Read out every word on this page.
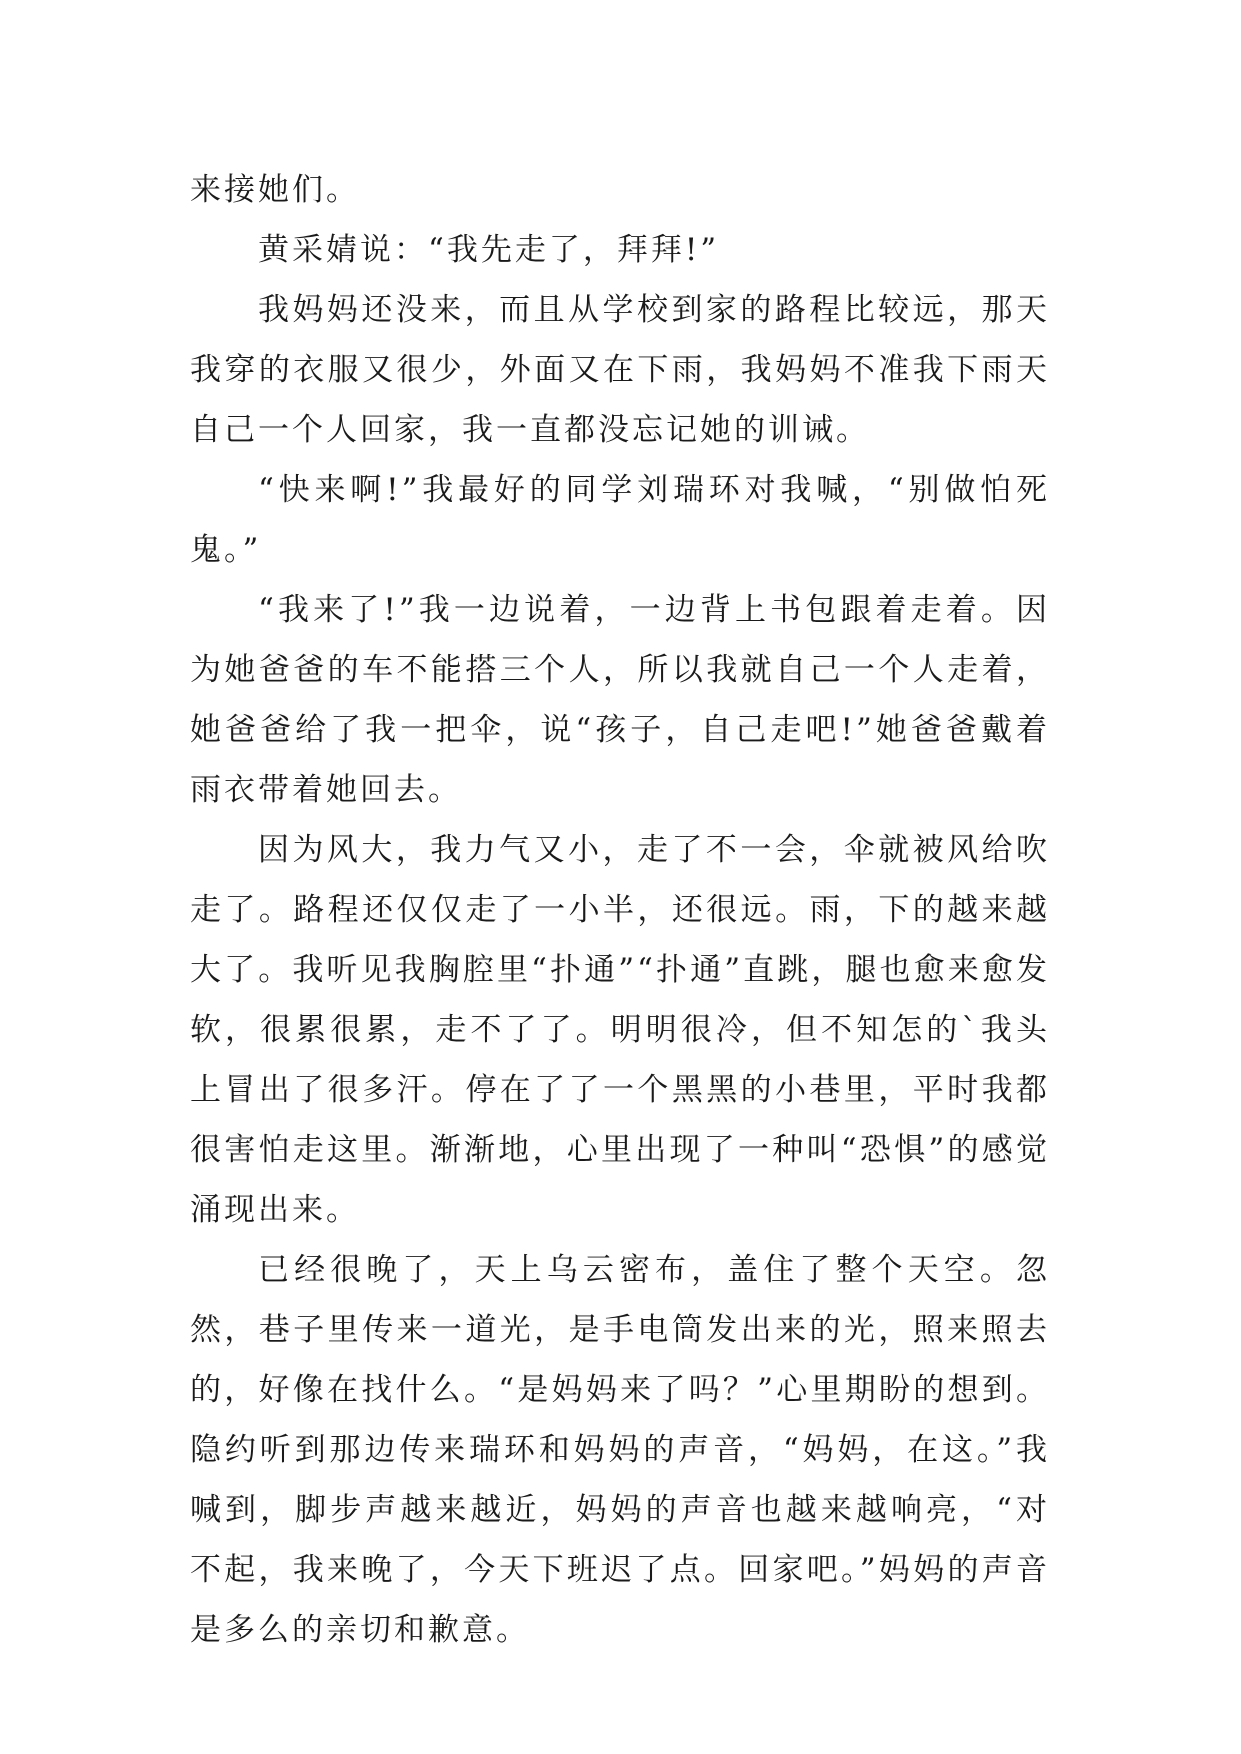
来接她们。

黄采婧说：“我先走了，拜拜!”

我妈妈还没来，而且从学校到家的路程比较远，那天我穿的衣服又很少，外面又在下雨，我妈妈不准我下雨天自己一个人回家，我一直都没忘记她的训诫。

“快来啊!”我最好的同学刘瑞环对我喊，“别做怕死鬼。”

“我来了!”我一边说着，一边背上书包跟着走着。因为她爸爸的车不能搭三个人，所以我就自己一个人走着，她爸爸给了我一把伞，说“孩子，自己走吧!”她爸爸戴着雨衣带着她回去。

因为风大，我力气又小，走了不一会，伞就被风给吹走了。路程还仅仅走了一小半，还很远。雨，下的越来越大了。我听见我胸腔里“扑通”“扑通”直跳，腿也愈来愈发软，很累很累，走不了了。明明很冷，但不知怎的`我头上冒出了很多汗。停在了了一个黑黑的小巷里，平时我都很害怕走这里。渐渐地，心里出现了一种叫“恐惧”的感觉涌现出来。

已经很晚了，天上乌云密布，盖住了整个天空。忽然，巷子里传来一道光，是手电筒发出来的光，照来照去的，好像在找什么。“是妈妈来了吗？”心里期盼的想到。隐约听到那边传来瑞环和妈妈的声音，“妈妈，在这。”我喊到，脚步声越来越近，妈妈的声音也越来越响亮，“对不起，我来晚了，今天下班迟了点。回家吧。”妈妈的声音是多么的亲切和歉意。
